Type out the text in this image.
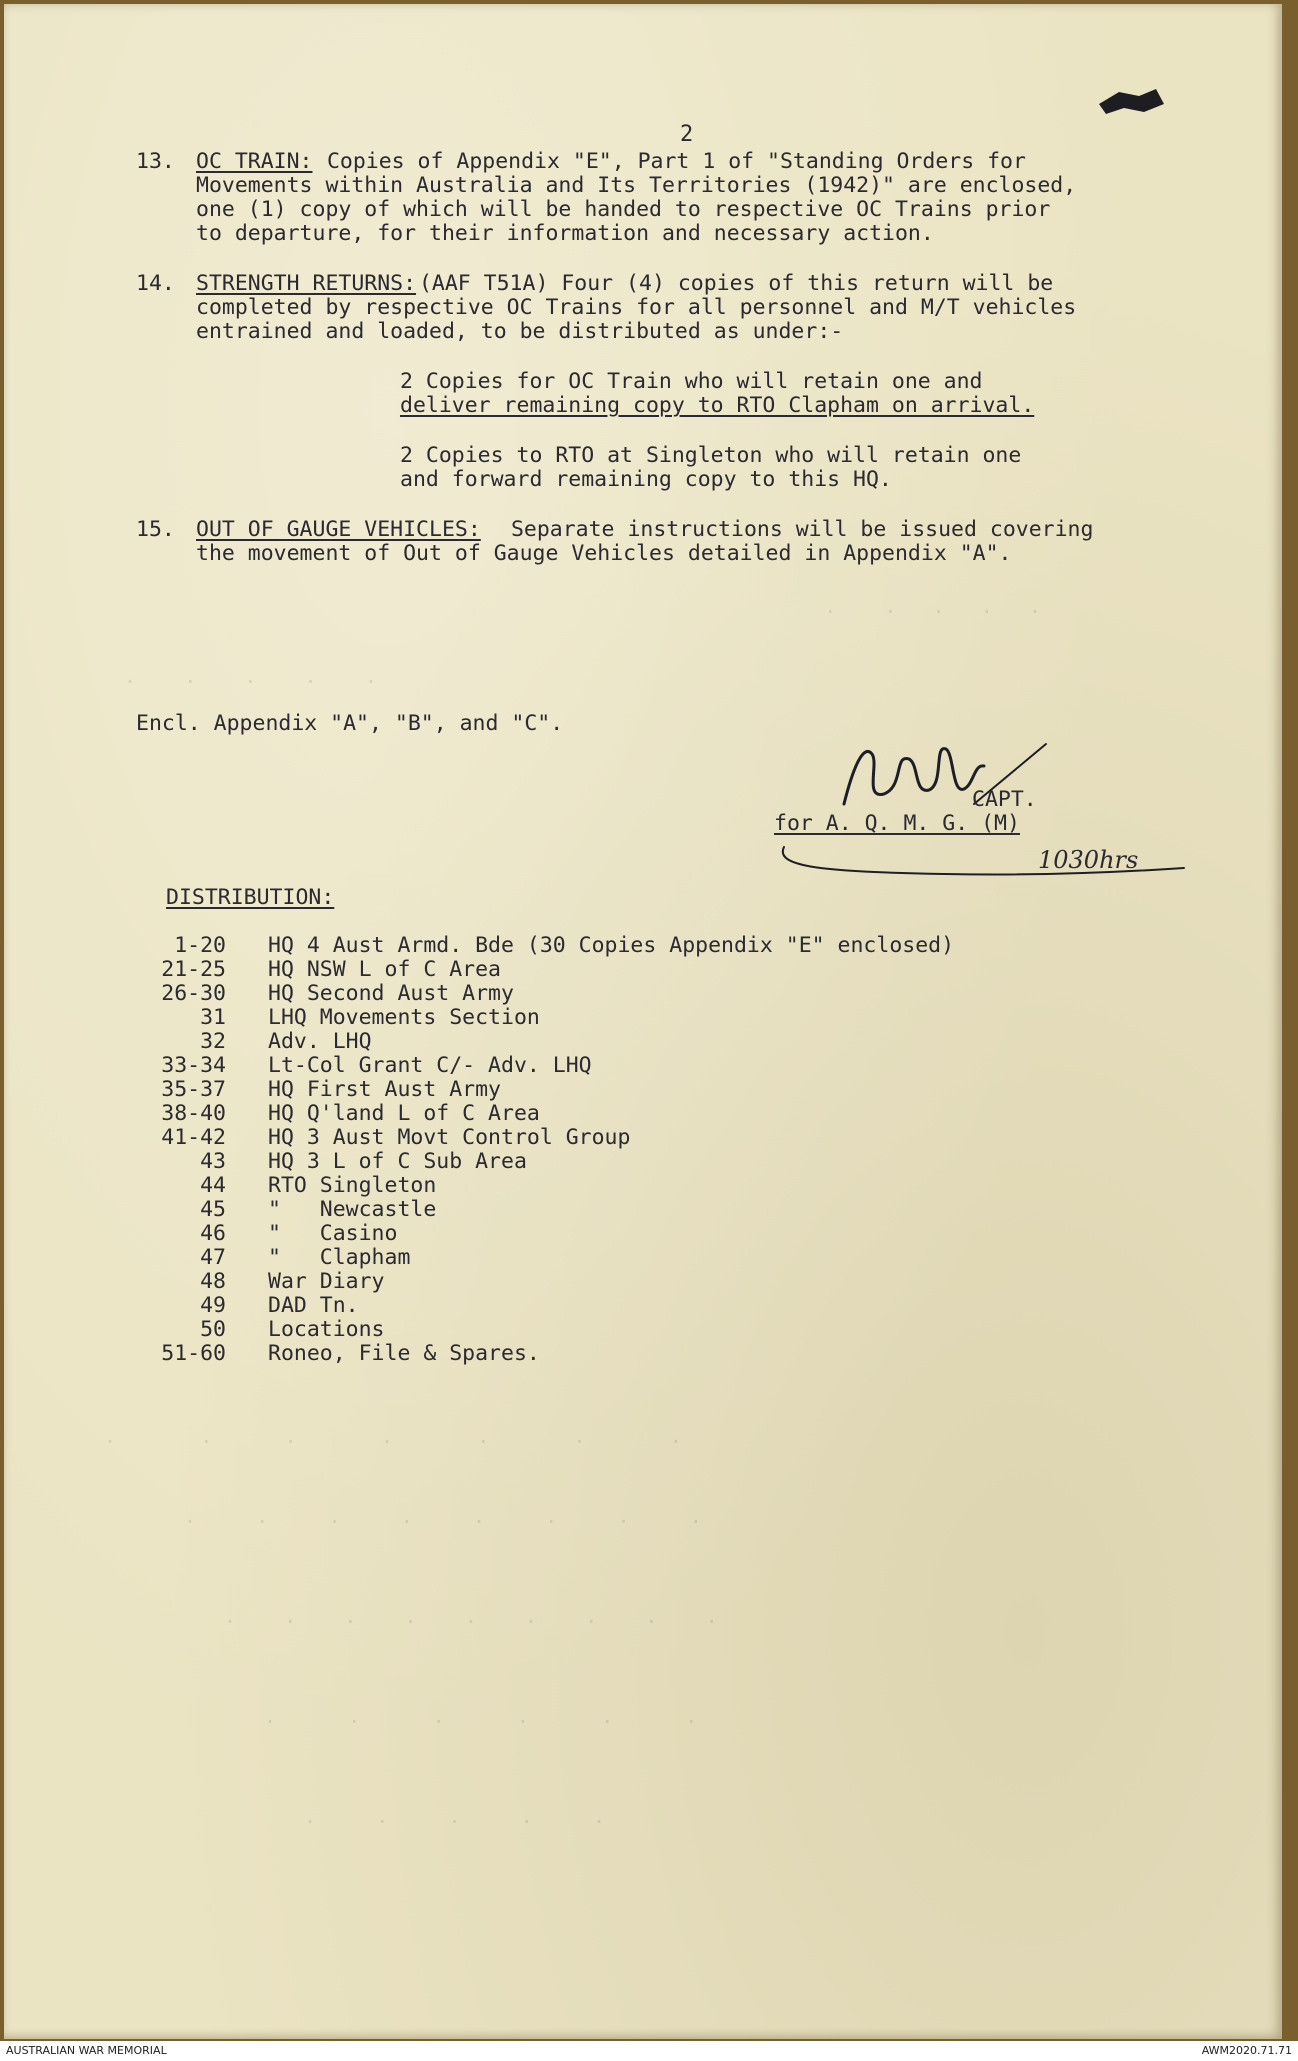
2
13. OC TRAIN: Copies of Appendix "E", Part 1 of "Standing Orders for
Movements within Australia and Its Territories (1942)" are enclosed,
one (1) copy of which will be handed to respective OC Trains prior
to departure, for their information and necessary action.
14. STRENGTH RETURNS:
(AAF T51A) Four (4) copies of this return will be
completed by respective OC Trains for all personnel and M/T vehicles
entrained and loaded, to be distributed as under:-
2 Copies for OC Train who will retain one and
deliver remaining copy to RTO Clapham on arrival.
2 Copies to RTO at Singleton who will retain one
and forward remaining copy to this HQ.
15. OUT OF GAUGE VEHICLES: Separate instructions will be issued covering
the movement of Out of Gauge Vehicles detailed in Appendix "A".
.    .   .   .   .
.    .    .    .    .
Encl. Appendix "A", "B", and "C".
CAPT.
for A. Q. M. G. (M)
1030hrs
DISTRIBUTION:
1-20 HQ 4 Aust Armd. Bde (30 Copies Appendix "E" enclosed)
21-25 HQ NSW L of C Area
26-30 HQ Second Aust Army
31 LHQ Movements Section
32 Adv. LHQ
33-34 Lt-Col Grant C/- Adv. LHQ
35-37 HQ First Aust Army
38-40 HQ Q'land L of C Area
41-42 HQ 3 Aust Movt Control Group
43 HQ 3 L of C Sub Area
44 RTO Singleton
45 "   Newcastle
46 "   Casino
47 "   Clapham
48 War Diary
49 DAD Tn.
50 Locations
51-60 Roneo, File & Spares.
.       .      .       .       .       .       .
.     .     .     .     .     .     .     .
.    .    .    .    .    .    .    .    .
.      .      .      .      .      .
.     .     .     .     .
AUSTRALIAN WAR MEMORIAL	AWM2020.71.71
